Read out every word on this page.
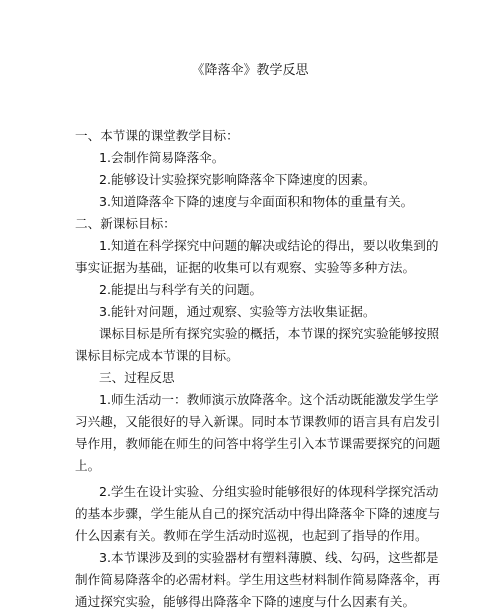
《降落伞》教学反思
一、本节课的课堂教学目标：
1.会制作简易降落伞。
2.能够设计实验探究影响降落伞下降速度的因素。
3.知道降落伞下降的速度与伞面面积和物体的重量有关。
二、新课标目标：
1.知道在科学探究中问题的解决或结论的得出，要以收集到的
事实证据为基础，证据的收集可以有观察、实验等多种方法。
2.能提出与科学有关的问题。
3.能针对问题，通过观察、实验等方法收集证据。
课标目标是所有探究实验的概括，本节课的探究实验能够按照
课标目标完成本节课的目标。
三、过程反思
1.师生活动一：教师演示放降落伞。这个活动既能激发学生学
习兴趣，又能很好的导入新课。同时本节课教师的语言具有启发引
导作用，教师能在师生的问答中将学生引入本节课需要探究的问题
上。
2.学生在设计实验、分组实验时能够很好的体现科学探究活动
的基本步骤，学生能从自己的探究活动中得出降落伞下降的速度与
什么因素有关。教师在学生活动时巡视，也起到了指导的作用。
3.本节课涉及到的实验器材有塑料薄膜、线、勾码，这些都是
制作简易降落伞的必需材料。学生用这些材料制作简易降落伞，再
通过探究实验，能够得出降落伞下降的速度与什么因素有关。
